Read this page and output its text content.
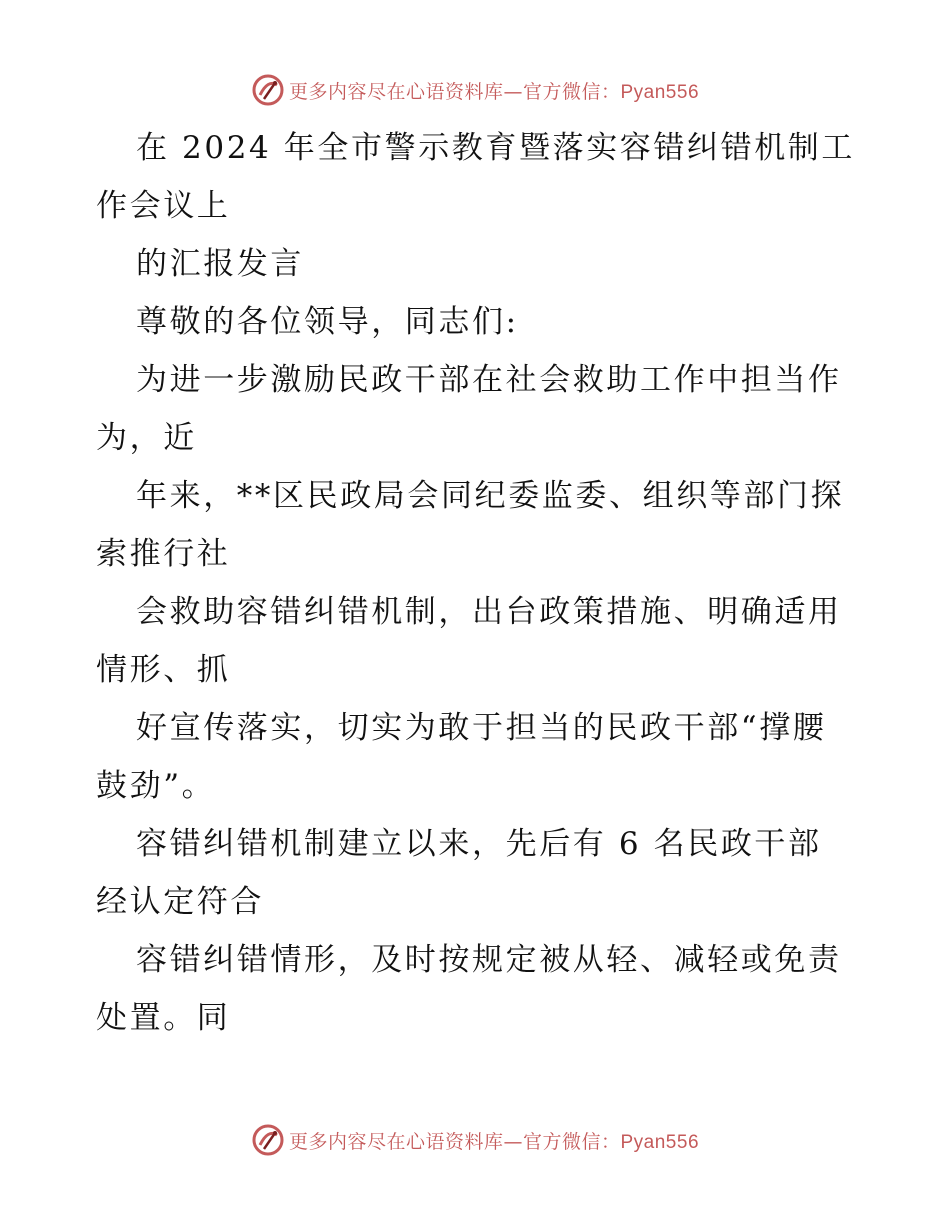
更多内容尽在心语资料库—官方微信：Pyan556
在 2024 年全市警示教育暨落实容错纠错机制工
作会议上
的汇报发言
尊敬的各位领导，同志们:
为进一步激励民政干部在社会救助工作中担当作
为，近
年来，**区民政局会同纪委监委、组织等部门探
索推行社
会救助容错纠错机制，出台政策措施、明确适用
情形、抓
好宣传落实，切实为敢于担当的民政干部“撑腰
鼓劲”。
容错纠错机制建立以来，先后有 6 名民政干部
经认定符合
容错纠错情形，及时按规定被从轻、减轻或免责
处置。同
更多内容尽在心语资料库—官方微信：Pyan556
